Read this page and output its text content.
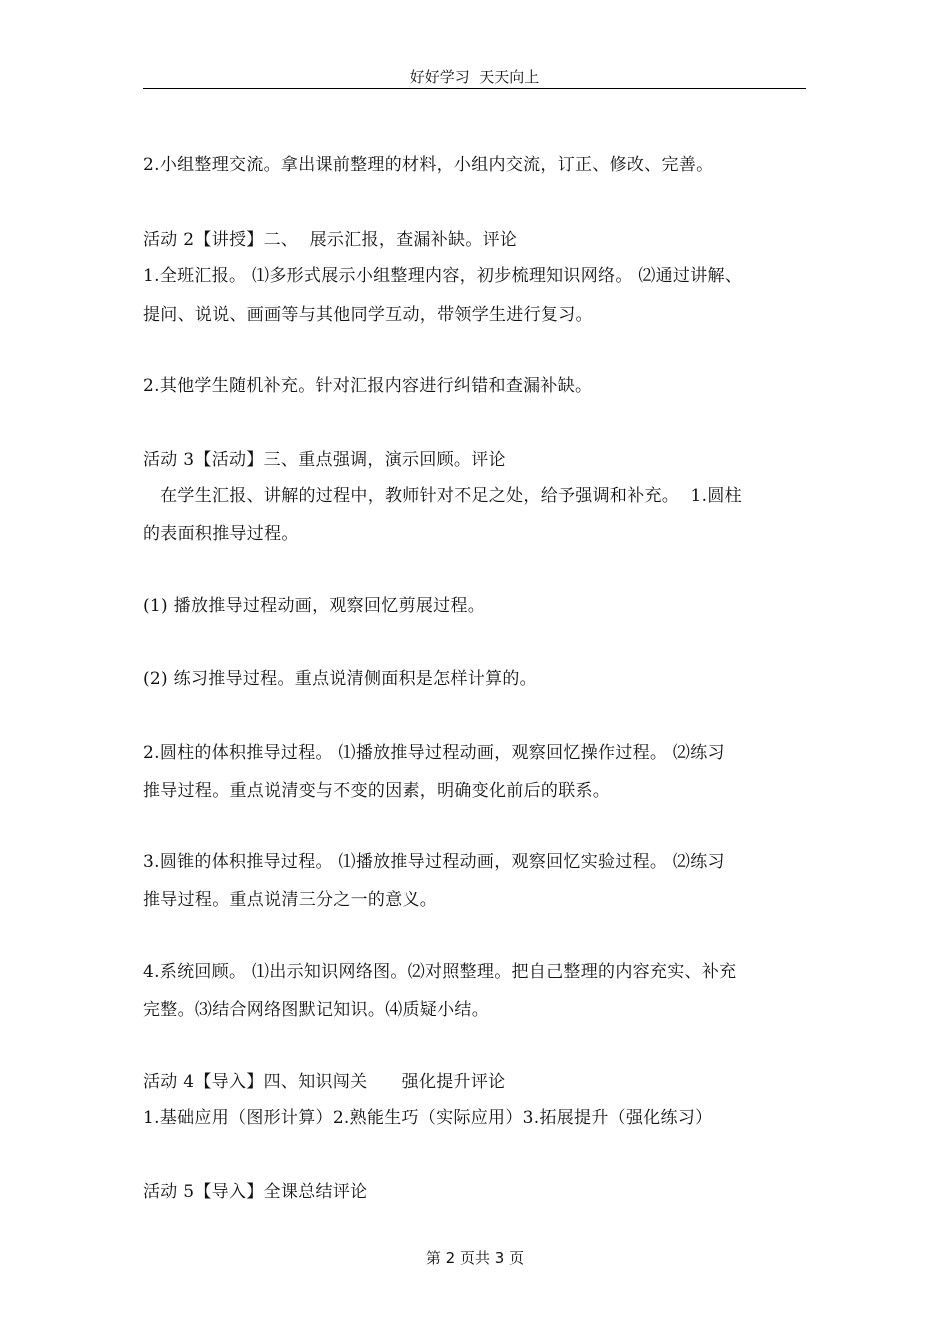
好好学习  天天向上
2.小组整理交流。拿出课前整理的材料，小组内交流，订正、修改、完善。
活动 2【讲授】二、  展示汇报，查漏补缺。评论
1.全班汇报。 ⑴多形式展示小组整理内容，初步梳理知识网络。 ⑵通过讲解、
提问、说说、画画等与其他同学互动，带领学生进行复习。
2.其他学生随机补充。针对汇报内容进行纠错和查漏补缺。
活动 3【活动】三、重点强调，演示回顾。评论
在学生汇报、讲解的过程中，教师针对不足之处，给予强调和补充。  1.圆柱
的表面积推导过程。
(1) 播放推导过程动画，观察回忆剪展过程。
(2) 练习推导过程。重点说清侧面积是怎样计算的。
2.圆柱的体积推导过程。 ⑴播放推导过程动画，观察回忆操作过程。 ⑵练习
推导过程。重点说清变与不变的因素，明确变化前后的联系。
3.圆锥的体积推导过程。 ⑴播放推导过程动画，观察回忆实验过程。 ⑵练习
推导过程。重点说清三分之一的意义。
4.系统回顾。 ⑴出示知识网络图。⑵对照整理。把自己整理的内容充实、补充
完整。⑶结合网络图默记知识。⑷质疑小结。
活动 4【导入】四、知识闯关      强化提升评论
1.基础应用（图形计算）2.熟能生巧（实际应用）3.拓展提升（强化练习）
活动 5【导入】全课总结评论
第 2 页共 3 页
